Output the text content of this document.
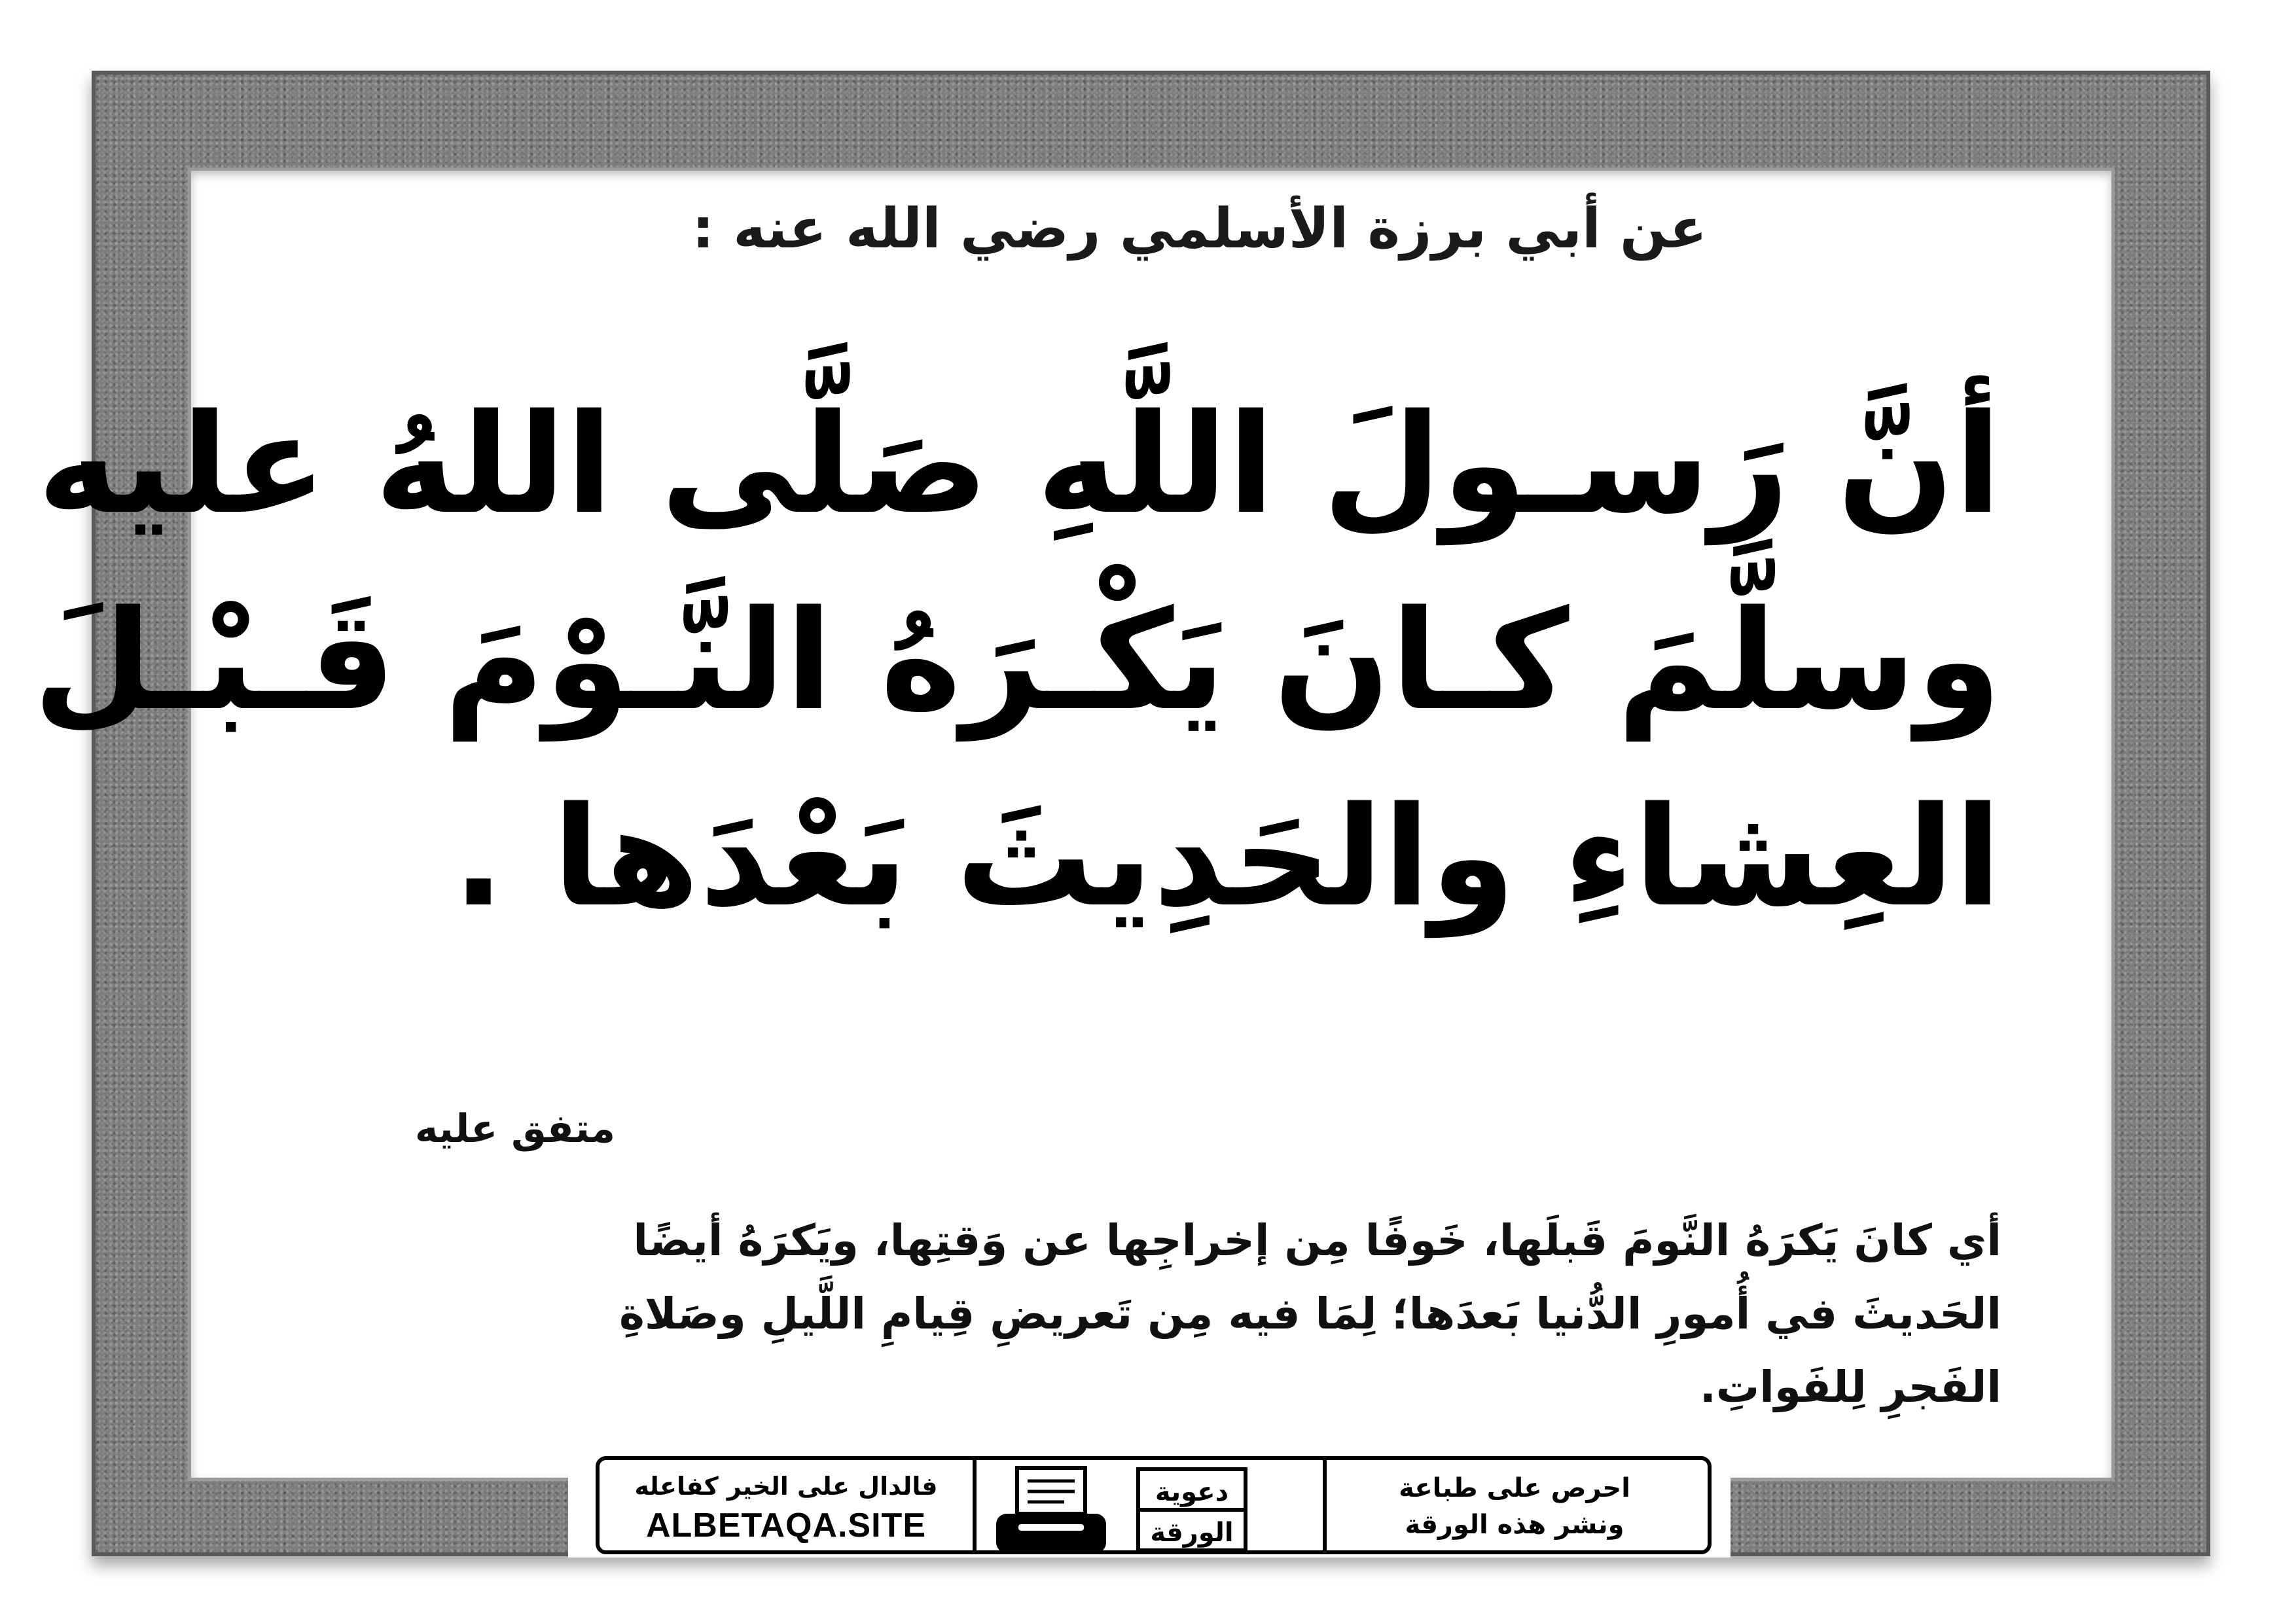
عن أبي برزة الأسلمي رضي الله عنه :
أنَّ رَسـولَ اللَّهِ صَلَّى اللهُ عليه
وسلَّمَ كـانَ يَكْـرَهُ النَّـوْمَ قَـبْـلَ
العِشاءِ والحَدِيثَ بَعْدَها .
متفق عليه
أي كانَ يَكرَهُ النَّومَ قَبلَها، خَوفًا مِن إخراجِها عن وَقتِها، ويَكرَهُ أيضًا
الحَديثَ في أُمورِ الدُّنيا بَعدَها؛ لِمَا فيه مِن تَعريضِ قِيامِ اللَّيلِ وصَلاةِ
الفَجرِ لِلفَواتِ.
فالدال على الخير كفاعله
ALBETAQA.SITE
دعوية
الورقة
احرص على طباعة
ونشر هذه الورقة
